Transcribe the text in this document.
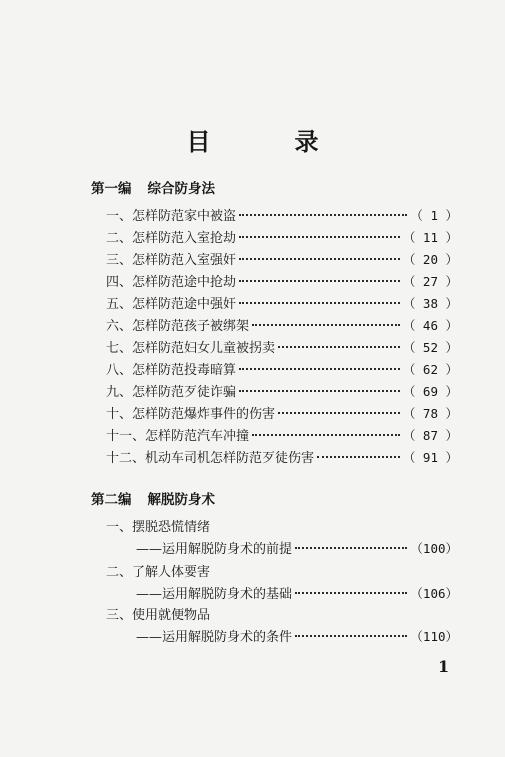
目　录
第一编 综合防身法
一、怎样防范家中被盗	（ 1 ）
二、怎样防范入室抢劫	（ 11 ）
三、怎样防范入室强奸	（ 20 ）
四、怎样防范途中抢劫	（ 27 ）
五、怎样防范途中强奸	（ 38 ）
六、怎样防范孩子被绑架	（ 46 ）
七、怎样防范妇女儿童被拐卖	（ 52 ）
八、怎样防范投毒暗算	（ 62 ）
九、怎样防范歹徒诈骗	（ 69 ）
十、怎样防范爆炸事件的伤害	（ 78 ）
十一、怎样防范汽车冲撞	（ 87 ）
十二、机动车司机怎样防范歹徒伤害	（ 91 ）
第二编 解脱防身术
一、摆脱恐慌情绪
——运用解脱防身术的前提	（100）
二、了解人体要害
——运用解脱防身术的基础	（106）
三、使用就便物品
——运用解脱防身术的条件	（110）
1
